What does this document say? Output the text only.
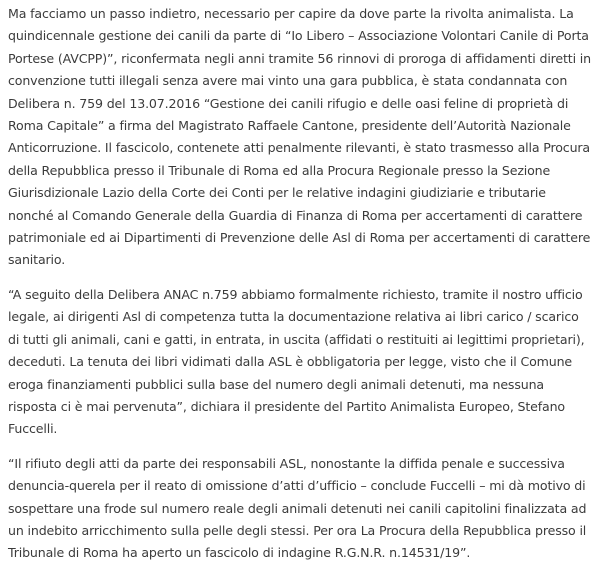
Ma facciamo un passo indietro, necessario per capire da dove parte la rivolta animalista. La quindicennale gestione dei canili da parte di “Io Libero – Associazione Volontari Canile di Porta Portese (AVCPP)”, riconfermata negli anni tramite 56 rinnovi di proroga di affidamenti diretti in convenzione tutti illegali senza avere mai vinto una gara pubblica, è stata condannata con Delibera n. 759 del 13.07.2016 “Gestione dei canili rifugio e delle oasi feline di proprietà di Roma Capitale” a firma del Magistrato Raffaele Cantone, presidente dell’Autorità Nazionale Anticorruzione. Il fascicolo, contenete atti penalmente rilevanti, è stato trasmesso alla Procura della Repubblica presso il Tribunale di Roma ed alla Procura Regionale presso la Sezione Giurisdizionale Lazio della Corte dei Conti per le relative indagini giudiziarie e tributarie nonché al Comando Generale della Guardia di Finanza di Roma per accertamenti di carattere patrimoniale ed ai Dipartimenti di Prevenzione delle Asl di Roma per accertamenti di carattere sanitario.

“A seguito della Delibera ANAC n.759 abbiamo formalmente richiesto, tramite il nostro ufficio legale, ai dirigenti Asl di competenza tutta la documentazione relativa ai libri carico / scarico di tutti gli animali, cani e gatti, in entrata, in uscita (affidati o restituiti ai legittimi proprietari), deceduti. La tenuta dei libri vidimati dalla ASL è obbligatoria per legge, visto che il Comune eroga finanziamenti pubblici sulla base del numero degli animali detenuti, ma nessuna risposta ci è mai pervenuta”, dichiara il presidente del Partito Animalista Europeo, Stefano Fuccelli.

“Il rifiuto degli atti da parte dei responsabili ASL, nonostante la diffida penale e successiva denuncia-querela per il reato di omissione d’atti d’ufficio – conclude Fuccelli – mi dà motivo di sospettare una frode sul numero reale degli animali detenuti nei canili capitolini finalizzata ad un indebito arricchimento sulla pelle degli stessi. Per ora La Procura della Repubblica presso il Tribunale di Roma ha aperto un fascicolo di indagine R.G.N.R. n.14531/19”.
